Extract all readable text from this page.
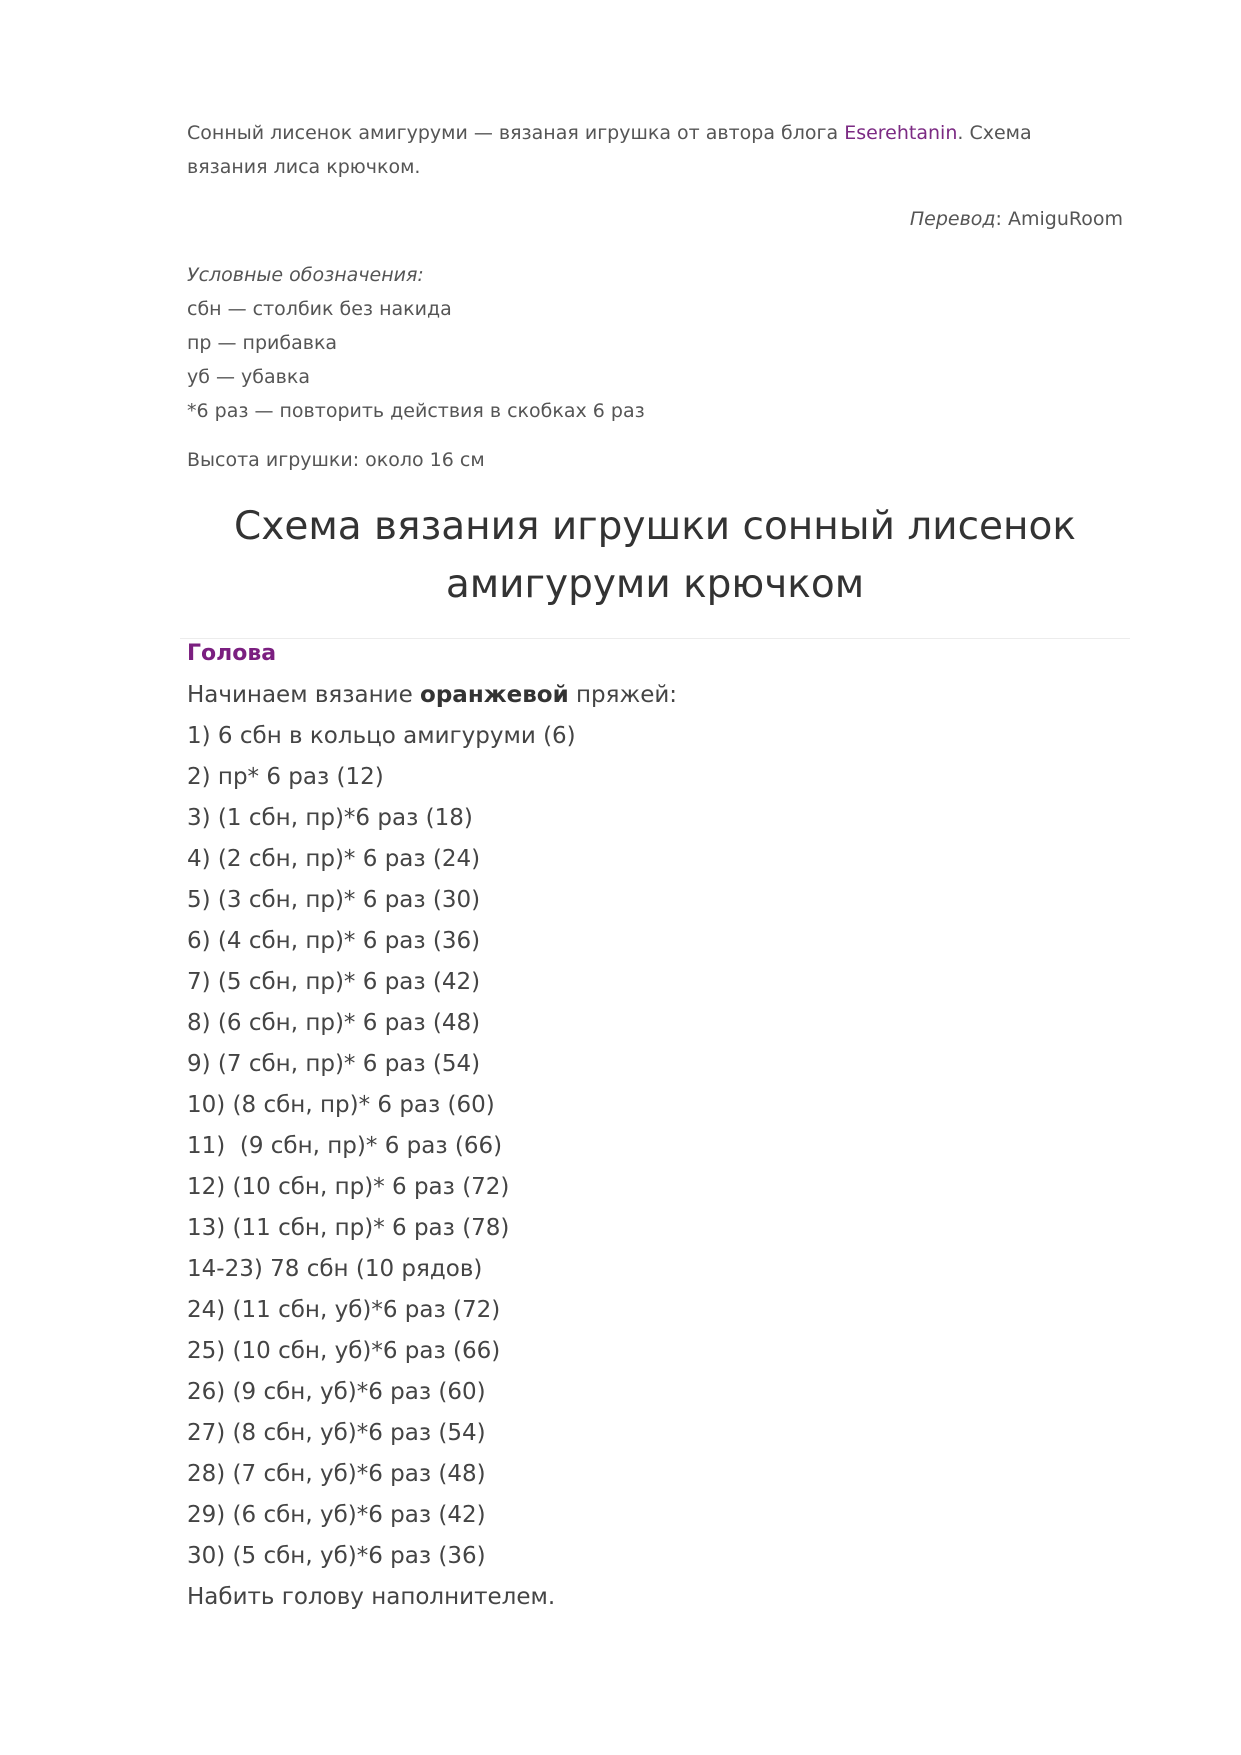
Сонный лисенок амигуруми — вязаная игрушка от автора блога Eserehtanin. Схема вязания лиса крючком.

Перевод: AmiguRoom

Условные обозначения:
сбн — столбик без накида
пр — прибавка
уб — убавка
*6 раз — повторить действия в скобках 6 раз

Высота игрушки: около 16 см

Схема вязания игрушки сонный лисенок амигуруми крючком
Голова
Начинаем вязание оранжевой пряжей:
1) 6 сбн в кольцо амигуруми (6)
2) пр* 6 раз (12)
3) (1 сбн, пр)*6 раз (18)
4) (2 сбн, пр)* 6 раз (24)
5) (3 сбн, пр)* 6 раз (30)
6) (4 сбн, пр)* 6 раз (36)
7) (5 сбн, пр)* 6 раз (42)
8) (6 сбн, пр)* 6 раз (48)
9) (7 сбн, пр)* 6 раз (54)
10) (8 сбн, пр)* 6 раз (60)
11)  (9 сбн, пр)* 6 раз (66)
12) (10 сбн, пр)* 6 раз (72)
13) (11 сбн, пр)* 6 раз (78)
14-23) 78 сбн (10 рядов)
24) (11 сбн, уб)*6 раз (72)
25) (10 сбн, уб)*6 раз (66)
26) (9 сбн, уб)*6 раз (60)
27) (8 сбн, уб)*6 раз (54)
28) (7 сбн, уб)*6 раз (48)
29) (6 сбн, уб)*6 раз (42)
30) (5 сбн, уб)*6 раз (36)
Набить голову наполнителем.
